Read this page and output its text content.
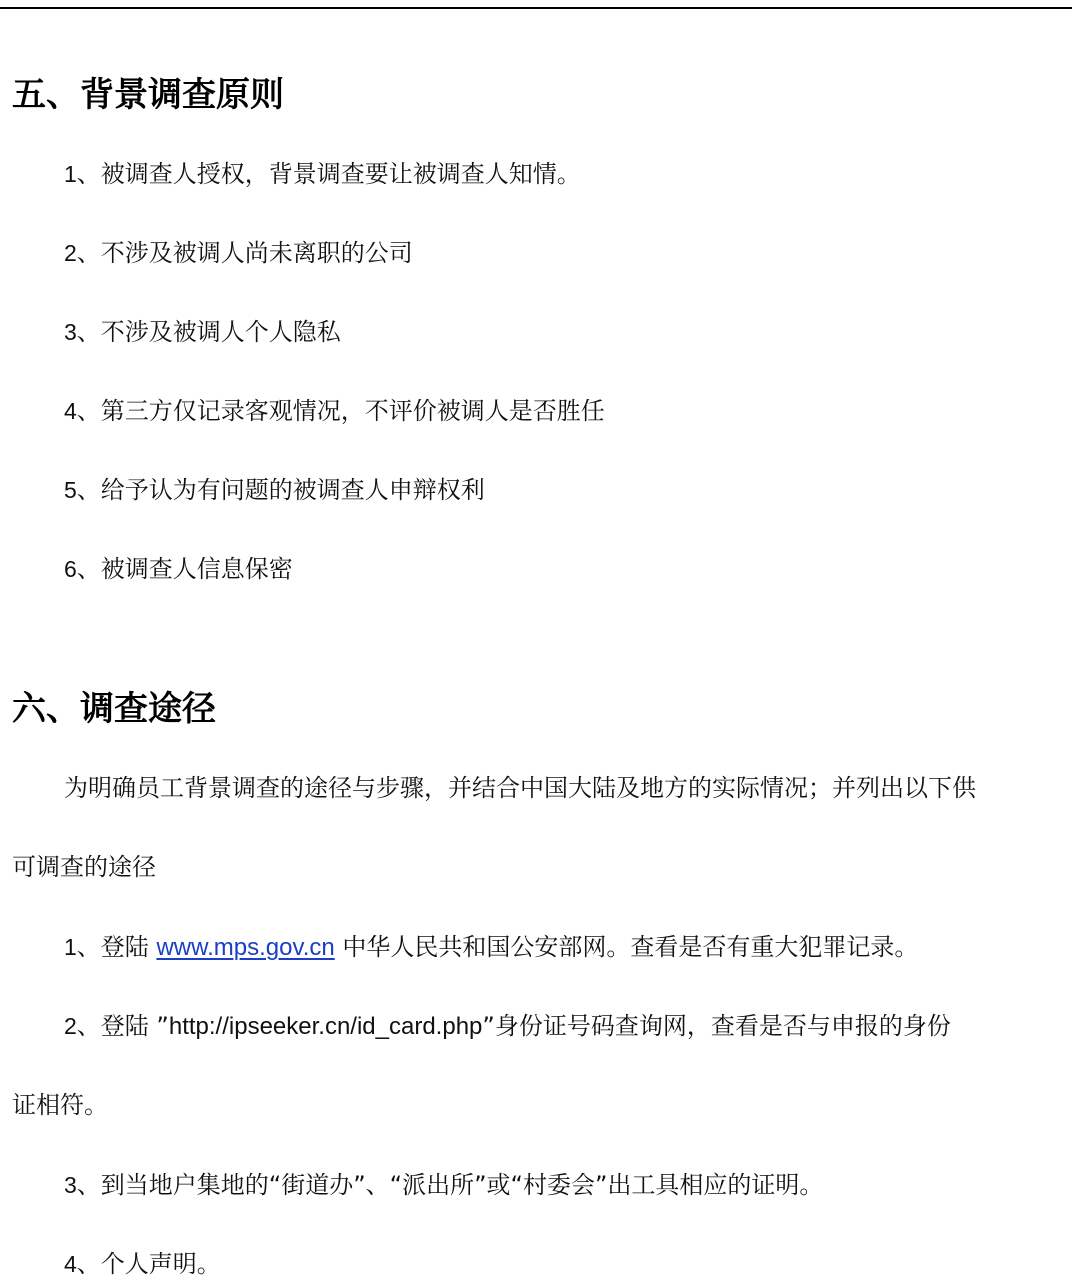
五、背景调查原则

1、被调查人授权，背景调查要让被调查人知情。

2、不涉及被调人尚未离职的公司

3、不涉及被调人个人隐私

4、第三方仅记录客观情况，不评价被调人是否胜任

5、给予认为有问题的被调查人申辩权利

6、被调查人信息保密

六、调查途径

为明确员工背景调查的途径与步骤，并结合中国大陆及地方的实际情况；并列出以下供

可调查的途径

1、登陆 www.mps.gov.cn 中华人民共和国公安部网。查看是否有重大犯罪记录。

2、登陆 ”http://ipseeker.cn/id_card.php”身份证号码查询网，查看是否与申报的身份

证相符。

3、到当地户集地的“街道办”、“派出所”或“村委会”出工具相应的证明。

4、个人声明。
